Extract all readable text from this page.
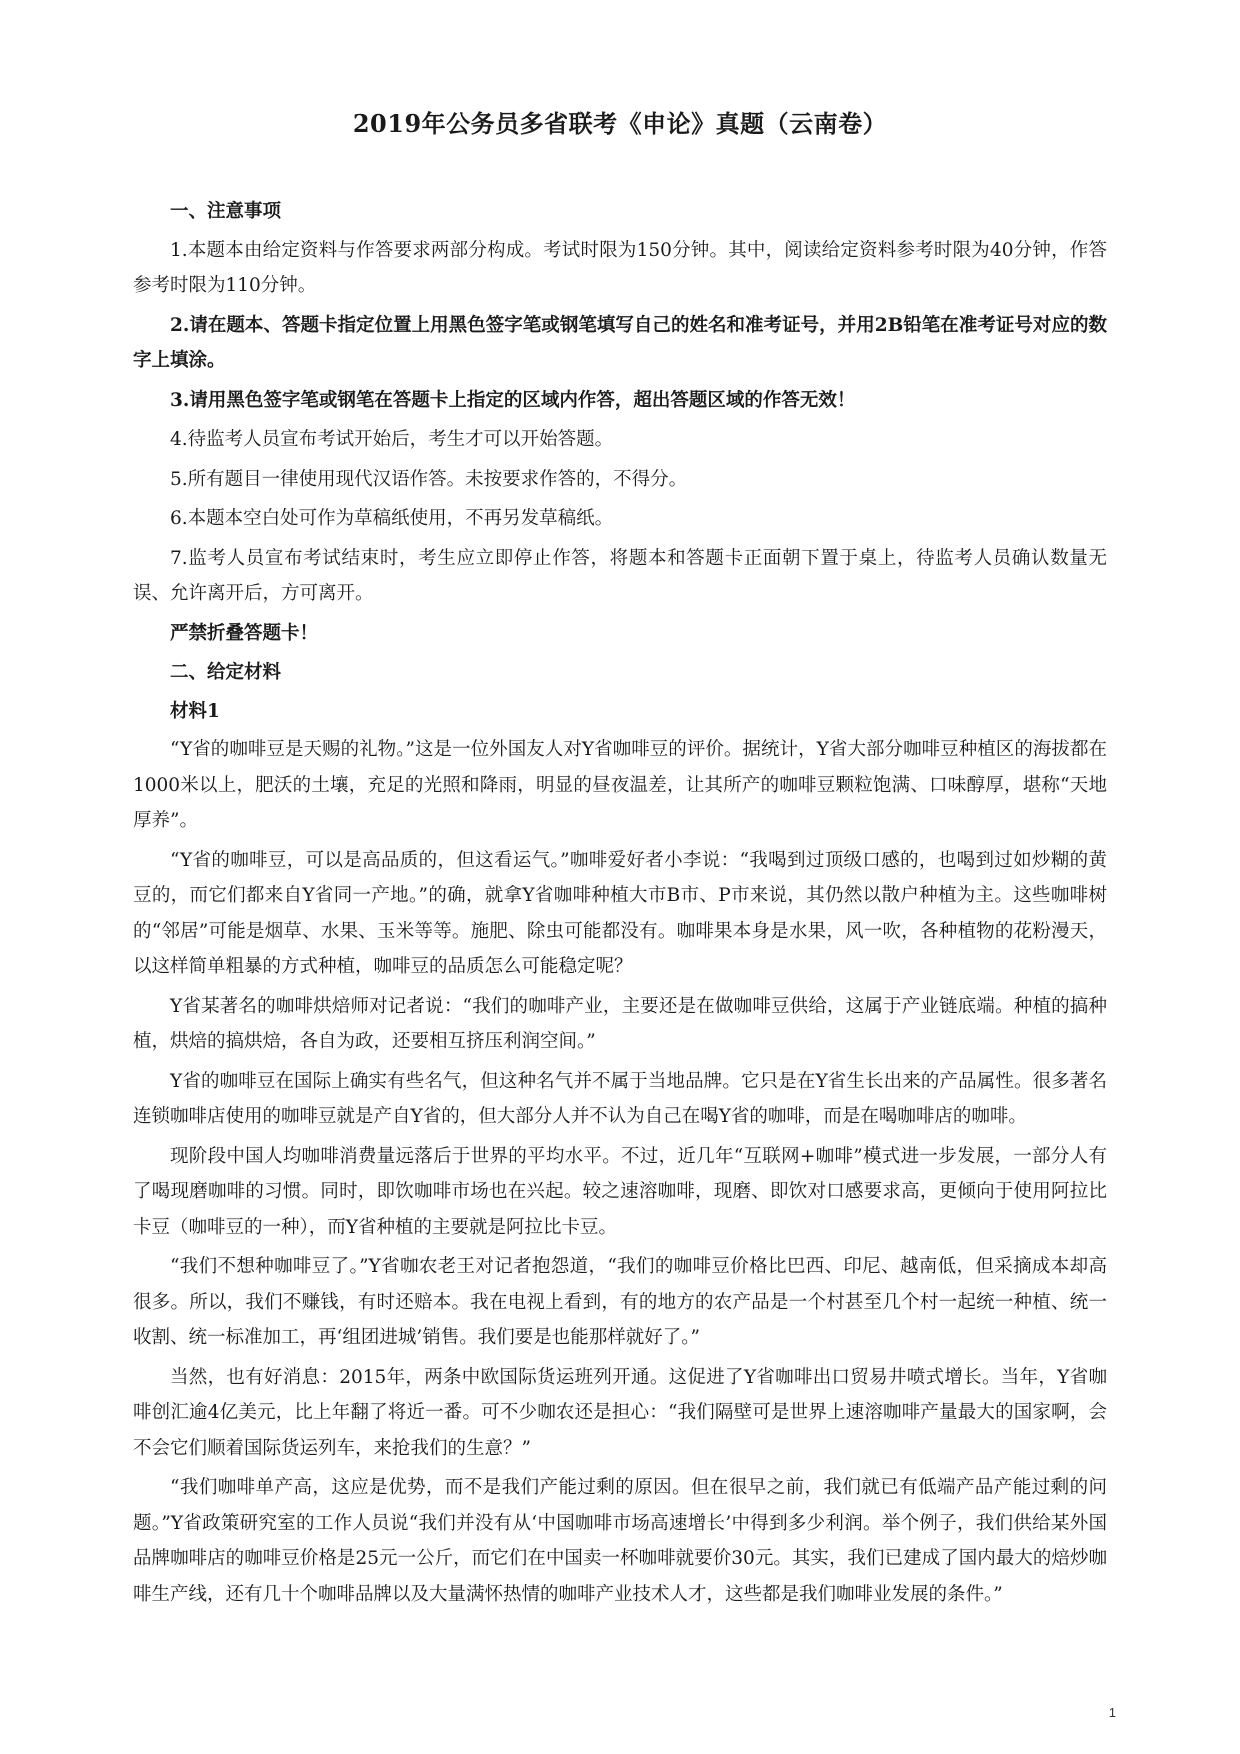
2019年公务员多省联考《申论》真题（云南卷）

一、注意事项

1.本题本由给定资料与作答要求两部分构成。考试时限为150分钟。其中，阅读给定资料参考时限为40分钟，作答参考时限为110分钟。

2.请在题本、答题卡指定位置上用黑色签字笔或钢笔填写自己的姓名和准考证号，并用2B铅笔在准考证号对应的数字上填涂。

3.请用黑色签字笔或钢笔在答题卡上指定的区域内作答，超出答题区域的作答无效！

4.待监考人员宣布考试开始后，考生才可以开始答题。

5.所有题目一律使用现代汉语作答。未按要求作答的，不得分。

6.本题本空白处可作为草稿纸使用，不再另发草稿纸。

7.监考人员宣布考试结束时，考生应立即停止作答，将题本和答题卡正面朝下置于桌上，待监考人员确认数量无误、允许离开后，方可离开。

严禁折叠答题卡！

二、给定材料

材料1

“Y省的咖啡豆是天赐的礼物。”这是一位外国友人对Y省咖啡豆的评价。据统计，Y省大部分咖啡豆种植区的海拔都在1000米以上，肥沃的土壤，充足的光照和降雨，明显的昼夜温差，让其所产的咖啡豆颗粒饱满、口味醇厚，堪称“天地厚养”。

“Y省的咖啡豆，可以是高品质的，但这看运气。”咖啡爱好者小李说：“我喝到过顶级口感的，也喝到过如炒糊的黄豆的，而它们都来自Y省同一产地。”的确，就拿Y省咖啡种植大市B市、P市来说，其仍然以散户种植为主。这些咖啡树的“邻居”可能是烟草、水果、玉米等等。施肥、除虫可能都没有。咖啡果本身是水果，风一吹，各种植物的花粉漫天，以这样简单粗暴的方式种植，咖啡豆的品质怎么可能稳定呢？

Y省某著名的咖啡烘焙师对记者说：“我们的咖啡产业，主要还是在做咖啡豆供给，这属于产业链底端。种植的搞种植，烘焙的搞烘焙，各自为政，还要相互挤压利润空间。”

Y省的咖啡豆在国际上确实有些名气，但这种名气并不属于当地品牌。它只是在Y省生长出来的产品属性。很多著名连锁咖啡店使用的咖啡豆就是产自Y省的，但大部分人并不认为自己在喝Y省的咖啡，而是在喝咖啡店的咖啡。

现阶段中国人均咖啡消费量远落后于世界的平均水平。不过，近几年“互联网+咖啡”模式进一步发展，一部分人有了喝现磨咖啡的习惯。同时，即饮咖啡市场也在兴起。较之速溶咖啡，现磨、即饮对口感要求高，更倾向于使用阿拉比卡豆（咖啡豆的一种），而Y省种植的主要就是阿拉比卡豆。

“我们不想种咖啡豆了。”Y省咖农老王对记者抱怨道，“我们的咖啡豆价格比巴西、印尼、越南低，但采摘成本却高很多。所以，我们不赚钱，有时还赔本。我在电视上看到，有的地方的农产品是一个村甚至几个村一起统一种植、统一收割、统一标准加工，再‘组团进城’销售。我们要是也能那样就好了。”

当然，也有好消息：2015年，两条中欧国际货运班列开通。这促进了Y省咖啡出口贸易井喷式增长。当年，Y省咖啡创汇逾4亿美元，比上年翻了将近一番。可不少咖农还是担心：“我们隔壁可是世界上速溶咖啡产量最大的国家啊，会不会它们顺着国际货运列车，来抢我们的生意？”

“我们咖啡单产高，这应是优势，而不是我们产能过剩的原因。但在很早之前，我们就已有低端产品产能过剩的问题。”Y省政策研究室的工作人员说“我们并没有从‘中国咖啡市场高速增长’中得到多少利润。举个例子，我们供给某外国品牌咖啡店的咖啡豆价格是25元一公斤，而它们在中国卖一杯咖啡就要价30元。其实，我们已建成了国内最大的焙炒咖啡生产线，还有几十个咖啡品牌以及大量满怀热情的咖啡产业技术人才，这些都是我们咖啡业发展的条件。”

1
